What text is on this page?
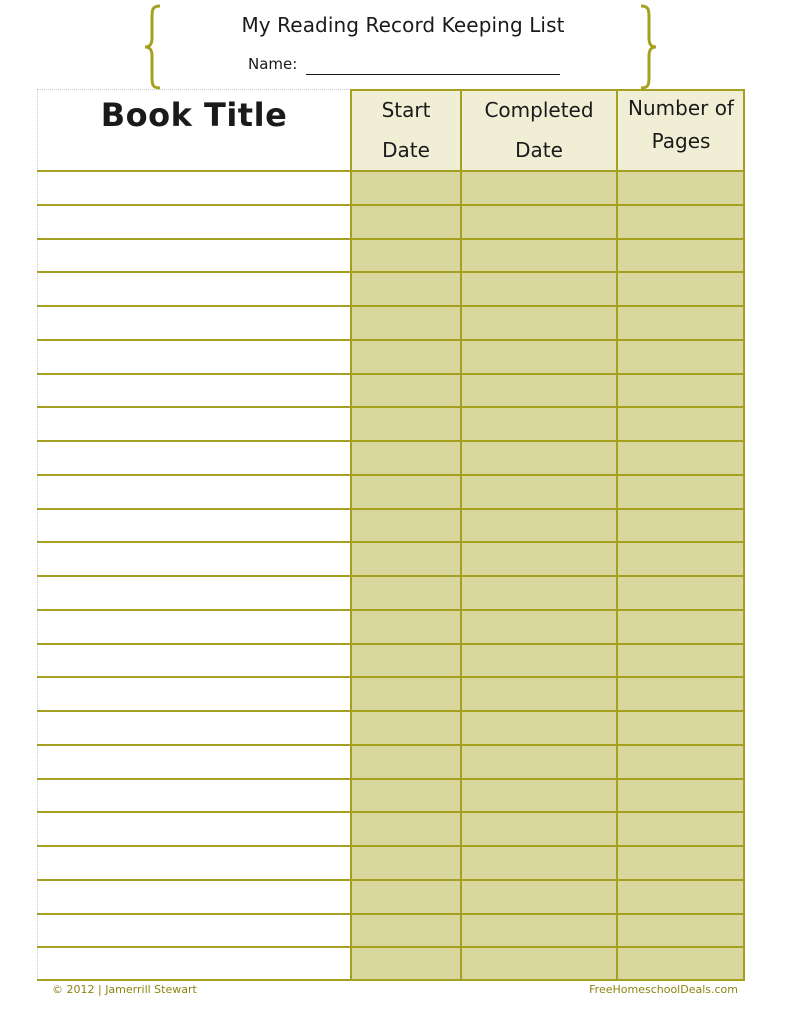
My Reading Record Keeping List
Name:
Book Title	Start
Date
Completed
Date
Number of
Pages
© 2012 | Jamerrill Stewart	FreeHomeschoolDeals.com
